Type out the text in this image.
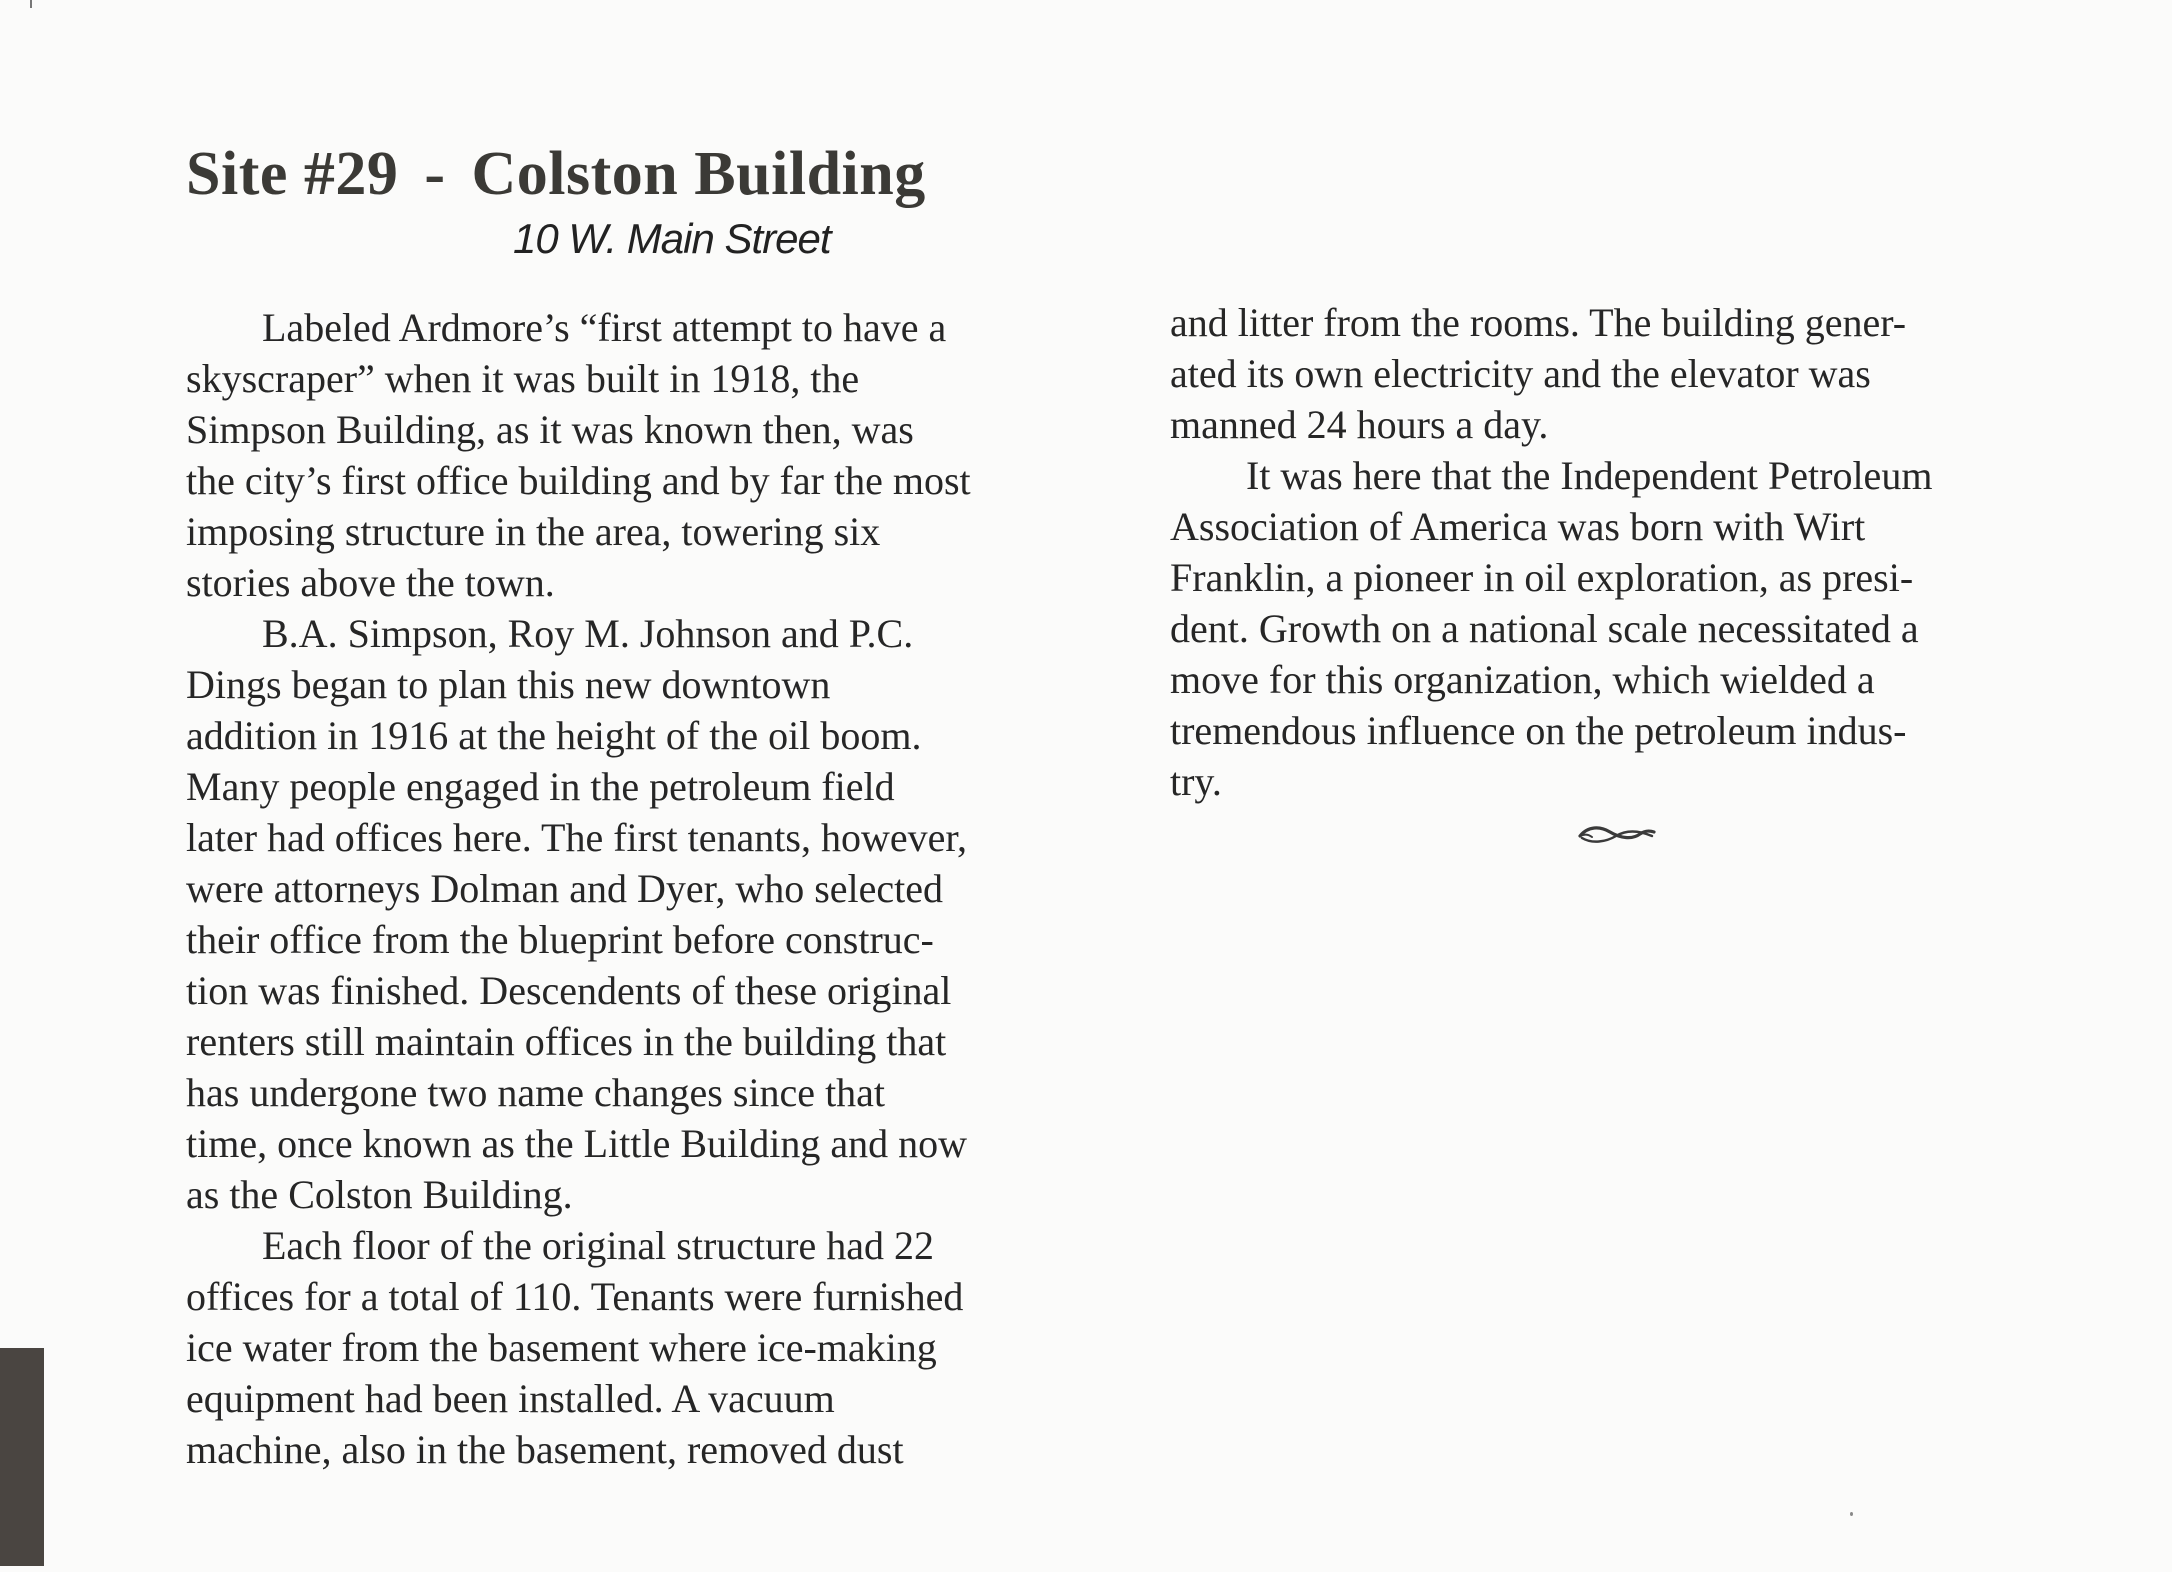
Site #29 - Colston Building
10 W. Main Street
Labeled Ardmore’s “first attempt to have a
skyscraper” when it was built in 1918, the
Simpson Building, as it was known then, was
the city’s first office building and by far the most
imposing structure in the area, towering six
stories above the town.
B.A. Simpson, Roy M. Johnson and P.C.
Dings began to plan this new downtown
addition in 1916 at the height of the oil boom.
Many people engaged in the petroleum field
later had offices here. The first tenants, however,
were attorneys Dolman and Dyer, who selected
their office from the blueprint before construc-
tion was finished. Descendents of these original
renters still maintain offices in the building that
has undergone two name changes since that
time, once known as the Little Building and now
as the Colston Building.
Each floor of the original structure had 22
offices for a total of 110. Tenants were furnished
ice water from the basement where ice-making
equipment had been installed. A vacuum
machine, also in the basement, removed dust
and litter from the rooms. The building gener-
ated its own electricity and the elevator was
manned 24 hours a day.
It was here that the Independent Petroleum
Association of America was born with Wirt
Franklin, a pioneer in oil exploration, as presi-
dent. Growth on a national scale necessitated a
move for this organization, which wielded a
tremendous influence on the petroleum indus-
try.
